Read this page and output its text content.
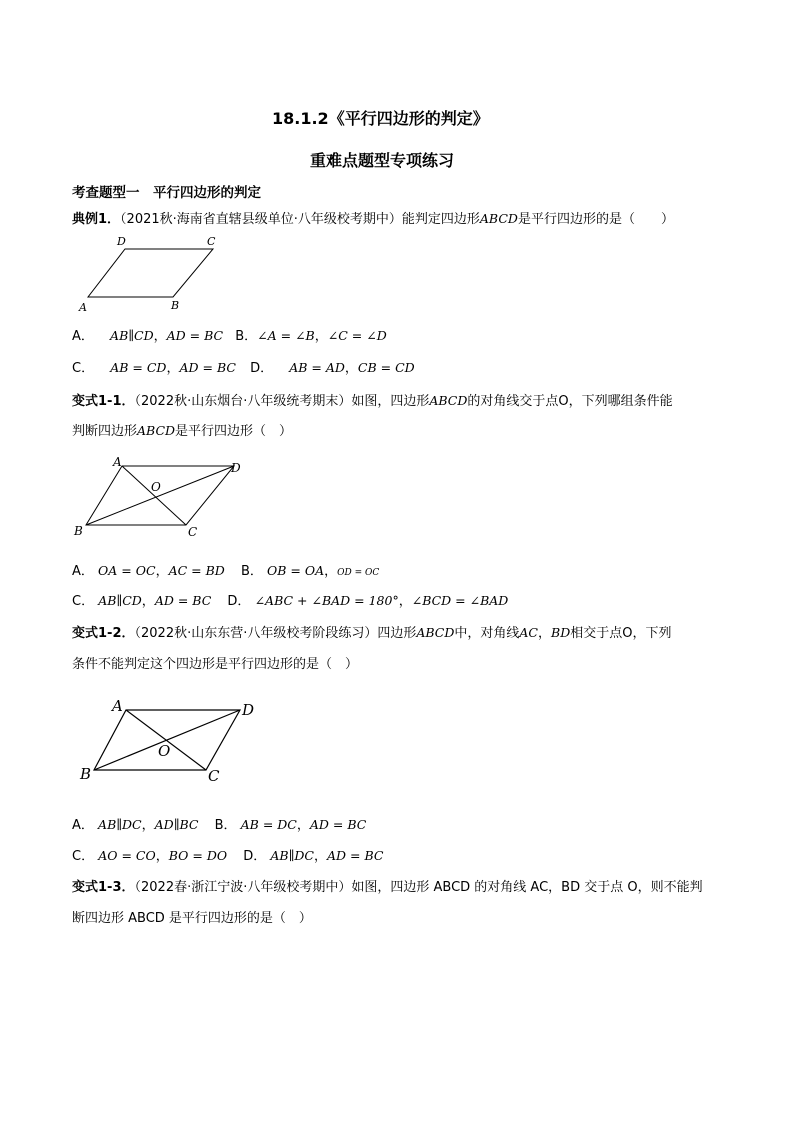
18.1.2《平行四边形的判定》
重难点题型专项练习
考查题型一　平行四边形的判定
典例1．（2021秋·海南省直辖县级单位·八年级校考期中）能判定四边形ABCD是平行四边形的是（　　）
D	C
A	B
A． AB∥CD，AD = BC B．∠A = ∠B，∠C = ∠D
C． AB = CD，AD = BC D． AB = AD，CB = CD
变式1-1．（2022秋·山东烟台·八年级统考期末）如图，四边形ABCD的对角线交于点O，下列哪组条件能
判断四边形ABCD是平行四边形（　）
A	D
B	C
O
A． OA = OC，AC = BD B． OB = OA，OD = OC
C． AB∥CD，AD = BC D． ∠ABC + ∠BAD = 180°，∠BCD = ∠BAD
变式1-2．（2022秋·山东东营·八年级校考阶段练习）四边形ABCD中，对角线AC，BD相交于点O，下列
条件不能判定这个四边形是平行四边形的是（　）
A	D
B	C
O
A． AB∥DC，AD∥BC B． AB = DC，AD = BC
C． AO = CO，BO = DO D． AB∥DC，AD = BC
变式1-3．（2022春·浙江宁波·八年级校考期中）如图，四边形 ABCD 的对角线 AC，BD 交于点 O，则不能判
断四边形 ABCD 是平行四边形的是（　）
